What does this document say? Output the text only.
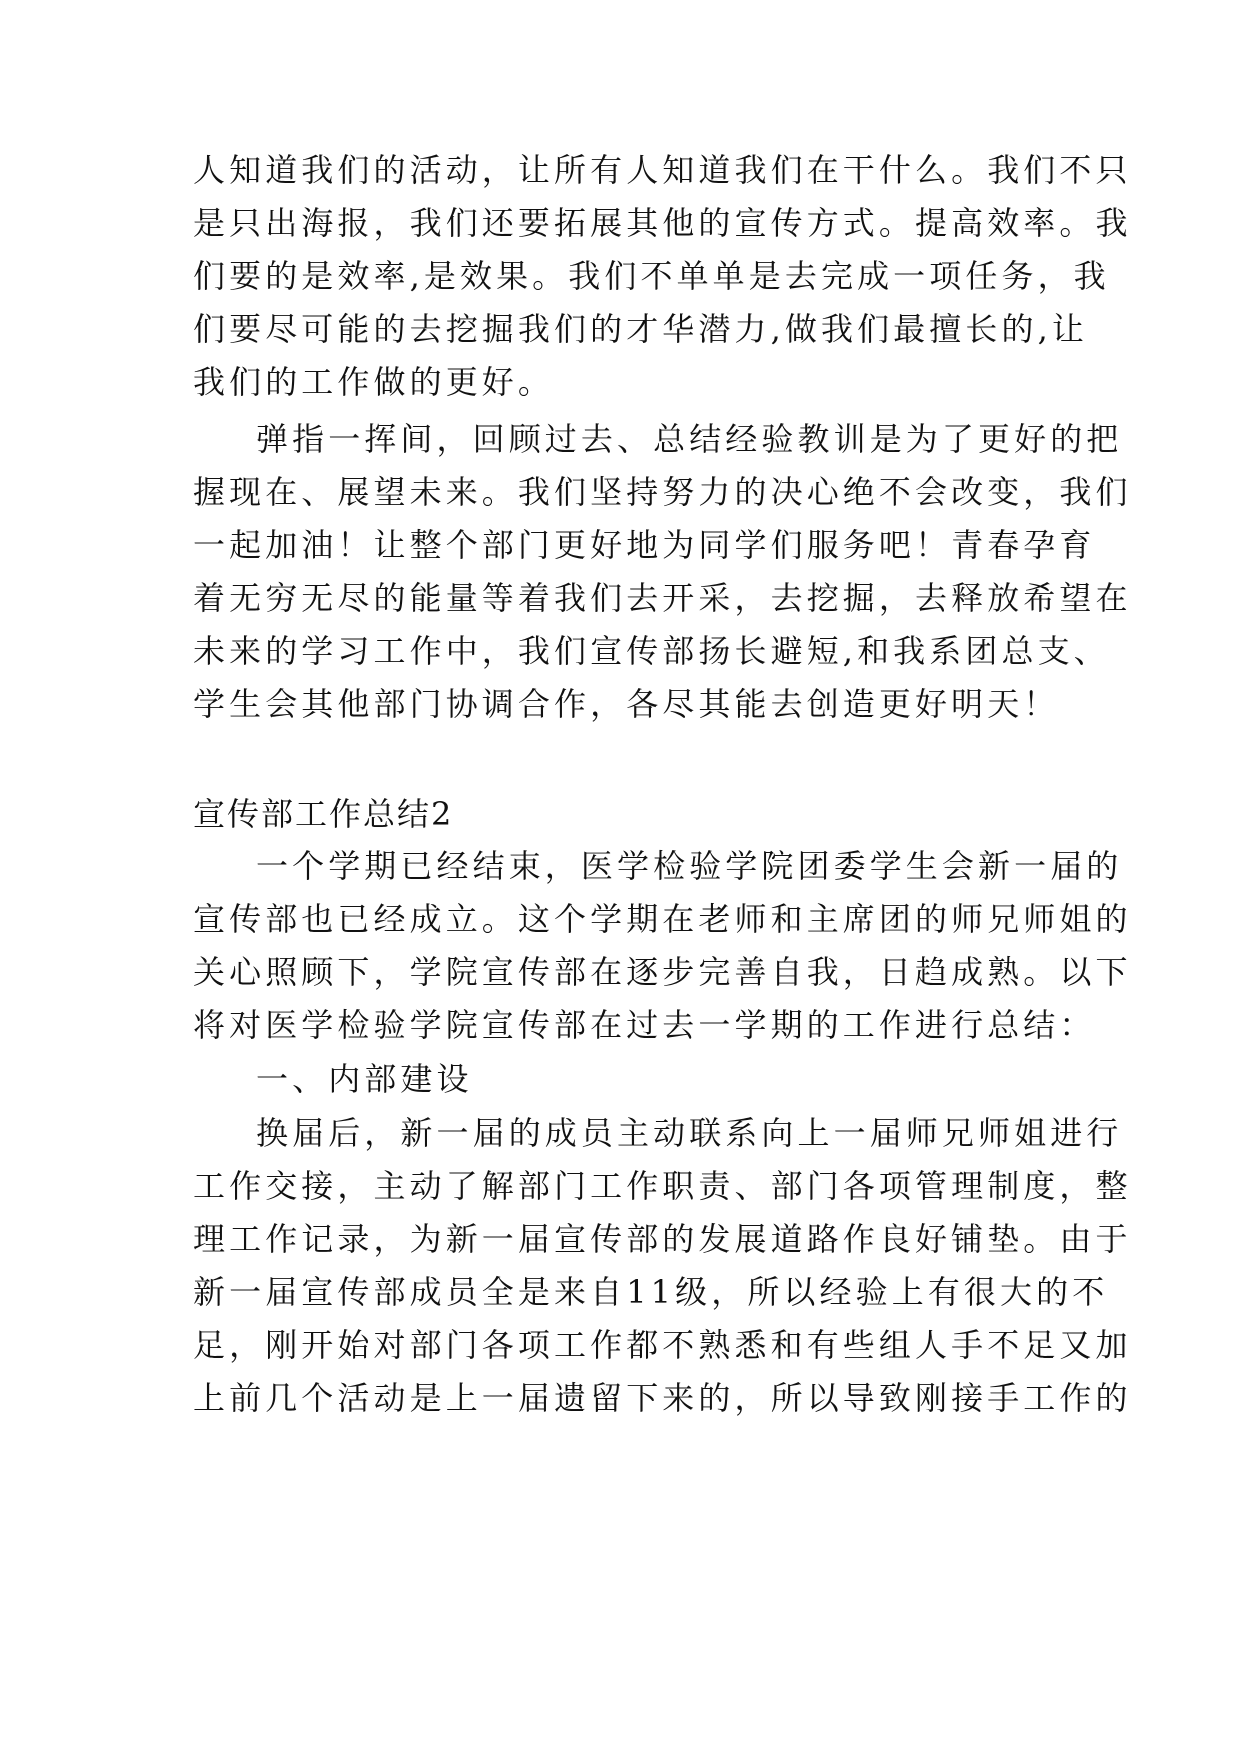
人知道我们的活动，让所有人知道我们在干什么。我们不只
是只出海报，我们还要拓展其他的宣传方式。提高效率。我
们要的是效率,是效果。我们不单单是去完成一项任务，我
们要尽可能的去挖掘我们的才华潜力,做我们最擅长的,让
我们的工作做的更好。
弹指一挥间，回顾过去、总结经验教训是为了更好的把
握现在、展望未来。我们坚持努力的决心绝不会改变，我们
一起加油！让整个部门更好地为同学们服务吧！青春孕育
着无穷无尽的能量等着我们去开采，去挖掘，去释放希望在
未来的学习工作中，我们宣传部扬长避短,和我系团总支、
学生会其他部门协调合作，各尽其能去创造更好明天！
宣传部工作总结2
一个学期已经结束，医学检验学院团委学生会新一届的
宣传部也已经成立。这个学期在老师和主席团的师兄师姐的
关心照顾下，学院宣传部在逐步完善自我，日趋成熟。以下
将对医学检验学院宣传部在过去一学期的工作进行总结：
一、内部建设
换届后，新一届的成员主动联系向上一届师兄师姐进行
工作交接，主动了解部门工作职责、部门各项管理制度，整
理工作记录，为新一届宣传部的发展道路作良好铺垫。由于
新一届宣传部成员全是来自11级，所以经验上有很大的不
足，刚开始对部门各项工作都不熟悉和有些组人手不足又加
上前几个活动是上一届遗留下来的，所以导致刚接手工作的
